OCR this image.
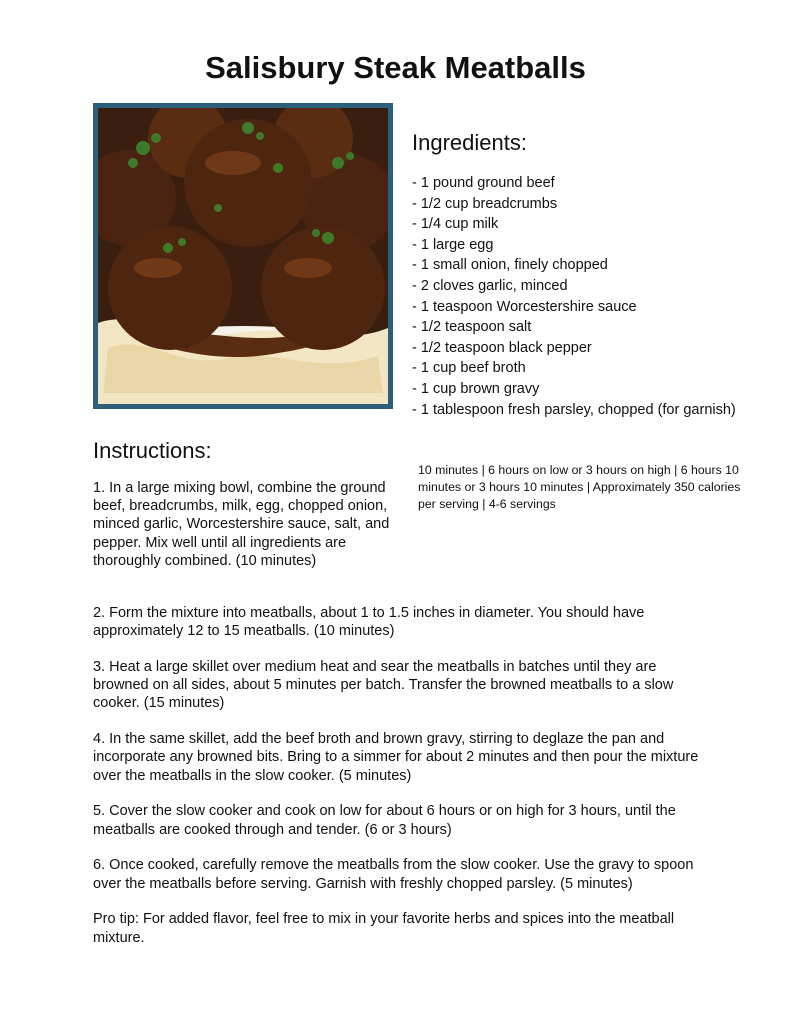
Salisbury Steak Meatballs
Ingredients:
- 1 pound ground beef
- 1/2 cup breadcrumbs
- 1/4 cup milk
- 1 large egg
- 1 small onion, finely chopped
- 2 cloves garlic, minced
- 1 teaspoon Worcestershire sauce
- 1/2 teaspoon salt
- 1/2 teaspoon black pepper
- 1 cup beef broth
- 1 cup brown gravy
- 1 tablespoon fresh parsley, chopped (for garnish)

10 minutes | 6 hours on low or 3 hours on high | 6 hours 10 minutes or 3 hours 10 minutes | Approximately 350 calories per serving | 4-6 servings

Instructions:

1. In a large mixing bowl, combine the ground beef, breadcrumbs, milk, egg, chopped onion, minced garlic, Worcestershire sauce, salt, and pepper. Mix well until all ingredients are thoroughly combined. (10 minutes)

2. Form the mixture into meatballs, about 1 to 1.5 inches in diameter. You should have approximately 12 to 15 meatballs. (10 minutes)

3. Heat a large skillet over medium heat and sear the meatballs in batches until they are browned on all sides, about 5 minutes per batch. Transfer the browned meatballs to a slow cooker. (15 minutes)

4. In the same skillet, add the beef broth and brown gravy, stirring to deglaze the pan and incorporate any browned bits. Bring to a simmer for about 2 minutes and then pour the mixture over the meatballs in the slow cooker. (5 minutes)

5. Cover the slow cooker and cook on low for about 6 hours or on high for 3 hours, until the meatballs are cooked through and tender. (6 or 3 hours)

6. Once cooked, carefully remove the meatballs from the slow cooker. Use the gravy to spoon over the meatballs before serving. Garnish with freshly chopped parsley. (5 minutes)

Pro tip: For added flavor, feel free to mix in your favorite herbs and spices into the meatball mixture.
